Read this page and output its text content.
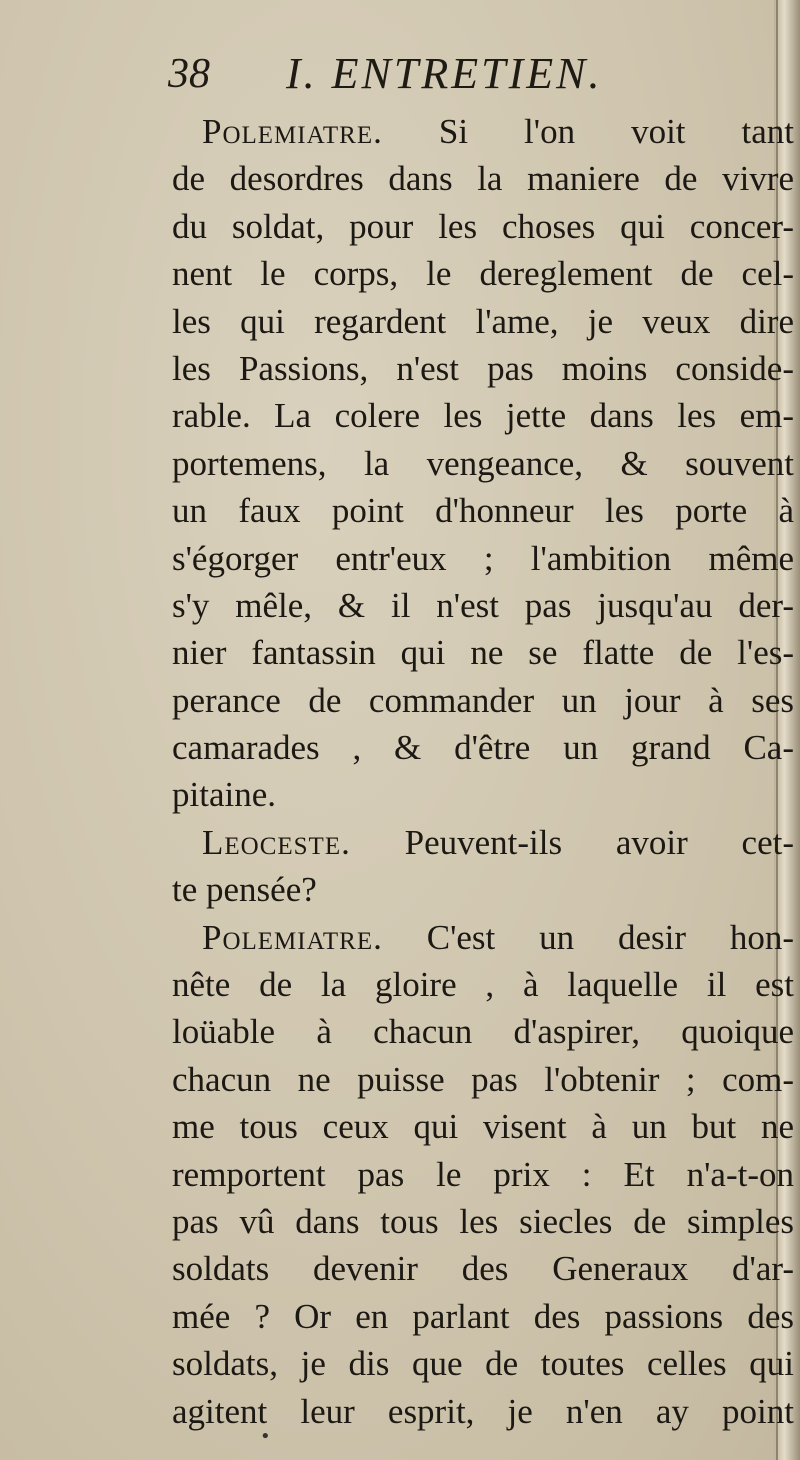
38 I. ENTRETIEN.
Polemiatre. Si l'on voit tant
de desordres dans la maniere de vivre
du soldat, pour les choses qui concer-
nent le corps, le dereglement de cel-
les qui regardent l'ame, je veux dire
les Passions, n'est pas moins conside-
rable. La colere les jette dans les em-
portemens, la vengeance, & souvent
un faux point d'honneur les porte à
s'égorger entr'eux ; l'ambition même
s'y mêle, & il n'est pas jusqu'au der-
nier fantassin qui ne se flatte de l'es-
perance de commander un jour à ses
camarades , & d'être un grand Ca-
pitaine.
Leoceste. Peuvent-ils avoir cet-
te pensée?
Polemiatre. C'est un desir hon-
nête de la gloire , à laquelle il est
loüable à chacun d'aspirer, quoique
chacun ne puisse pas l'obtenir ; com-
me tous ceux qui visent à un but ne
remportent pas le prix : Et n'a-t-on
pas vû dans tous les siecles de simples
soldats devenir des Generaux d'ar-
mée ? Or en parlant des passions des
soldats, je dis que de toutes celles qui
agitent leur esprit, je n'en ay point
•
